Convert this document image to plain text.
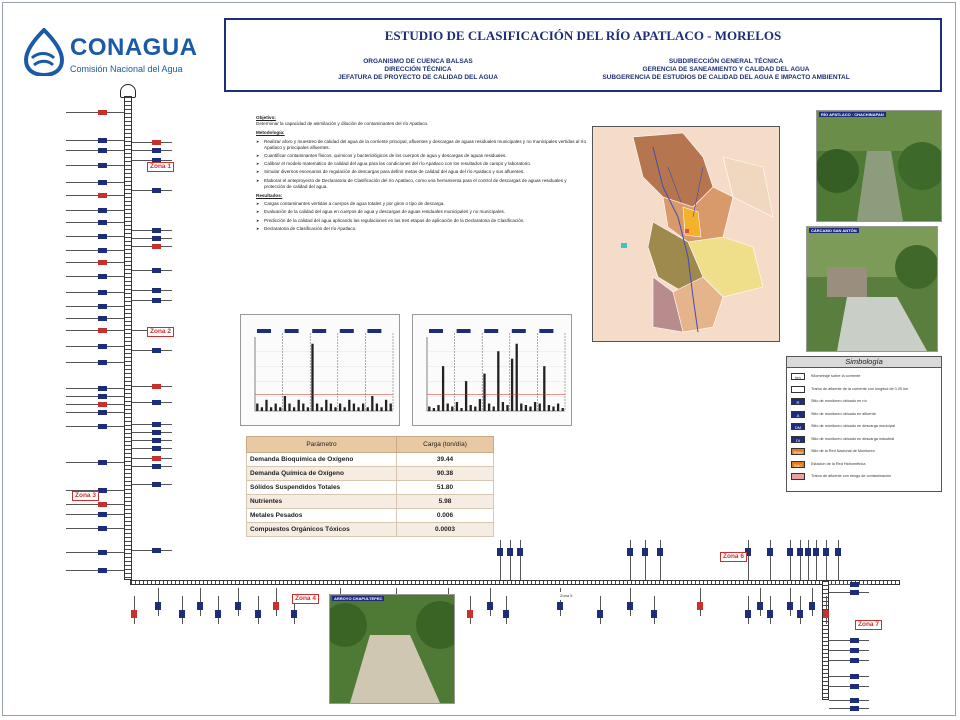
CONAGUA
Comisión Nacional del Agua
ESTUDIO DE CLASIFICACIÓN DEL RÍO APATLACO - MORELOS
ORGANISMO DE CUENCA BALSAS
DIRECCIÓN TÉCNICA
JEFATURA DE PROYECTO DE CALIDAD DEL AGUA
SUBDIRECCIÓN GENERAL TÉCNICA
GERENCIA DE SANEAMIENTO Y CALIDAD DEL AGUA
SUBGERENCIA DE ESTUDIOS DE CALIDAD DEL AGUA E IMPACTO AMBIENTAL
Zona 1
Zona 2
Zona 3
Zona 4	Zona 5
Zona 6
Zona 7
Objetivo:
Determinar la capacidad de asimilación y dilución de contaminantes del río Apatlaco.
Metodología:
➤ Realizar aforo y muestreo de calidad del agua de la corriente principal, afluentes y descargas de aguas residuales municipales y no municipales vertidas al río Apatlaco y principales afluentes.
➤ Cuantificar contaminantes físicos, químicos y bacteriológicos de los cuerpos de agua y descargas de aguas residuales.
➤ Calibrar el modelo matemático de calidad del agua para las condiciones del río Apatlaco con los resultados de campo y laboratorio.
➤ Simular diversos escenarios de regulación de descargas para definir metas de calidad del agua del río Apatlaco y sus afluentes.
➤ Elaborar el anteproyecto de Declaratoria de Clasificación del río Apatlaco, como una herramienta para el control de descargas de aguas residuales y protección de calidad del agua.
Resultados:
➤ Cargas contaminantes vertidas a cuerpos de agua totales y por giros o tipo de descarga.
➤ Evaluación de la calidad del agua en cuerpos de agua y descargas de aguas residuales municipales y no municipales.
➤ Predicción de la calidad del agua aplicando las regulaciones en las tres etapas de aplicación de la Declaratoria de Clasificación.
➤ Declaratoria de Clasificación del río Apatlaco.
Parámetro	Carga (ton/día)
Demanda Bioquímica de Oxígeno	39.44
Demanda Química de Oxígeno	90.38
Sólidos Suspendidos Totales	51.80
Nutrientes	5.98
Metales Pesados	0.006
Compuestos Orgánicos Tóxicos	0.0003
RÍO APATLACO · CHACHINAPAN
CÁRCAMO SAN ANTÓN
ARROYO CHAPULTEPEC
Simbología
km	Kilometraje sobre la corriente
Tramo de afluente de la corriente con longitud de 0.25 km
R	Sitio de monitoreo ubicado en río
A	Sitio de monitoreo ubicado en afluente
DM	Sitio de monitoreo ubicado en descarga municipal
DI	Sitio de monitoreo ubicado en descarga industrial
RNM	Sitio de la Red Nacional de Monitoreo
SAC	Estación de la Red Hidrométrica
Tramo de afluente con riesgo de contaminación
